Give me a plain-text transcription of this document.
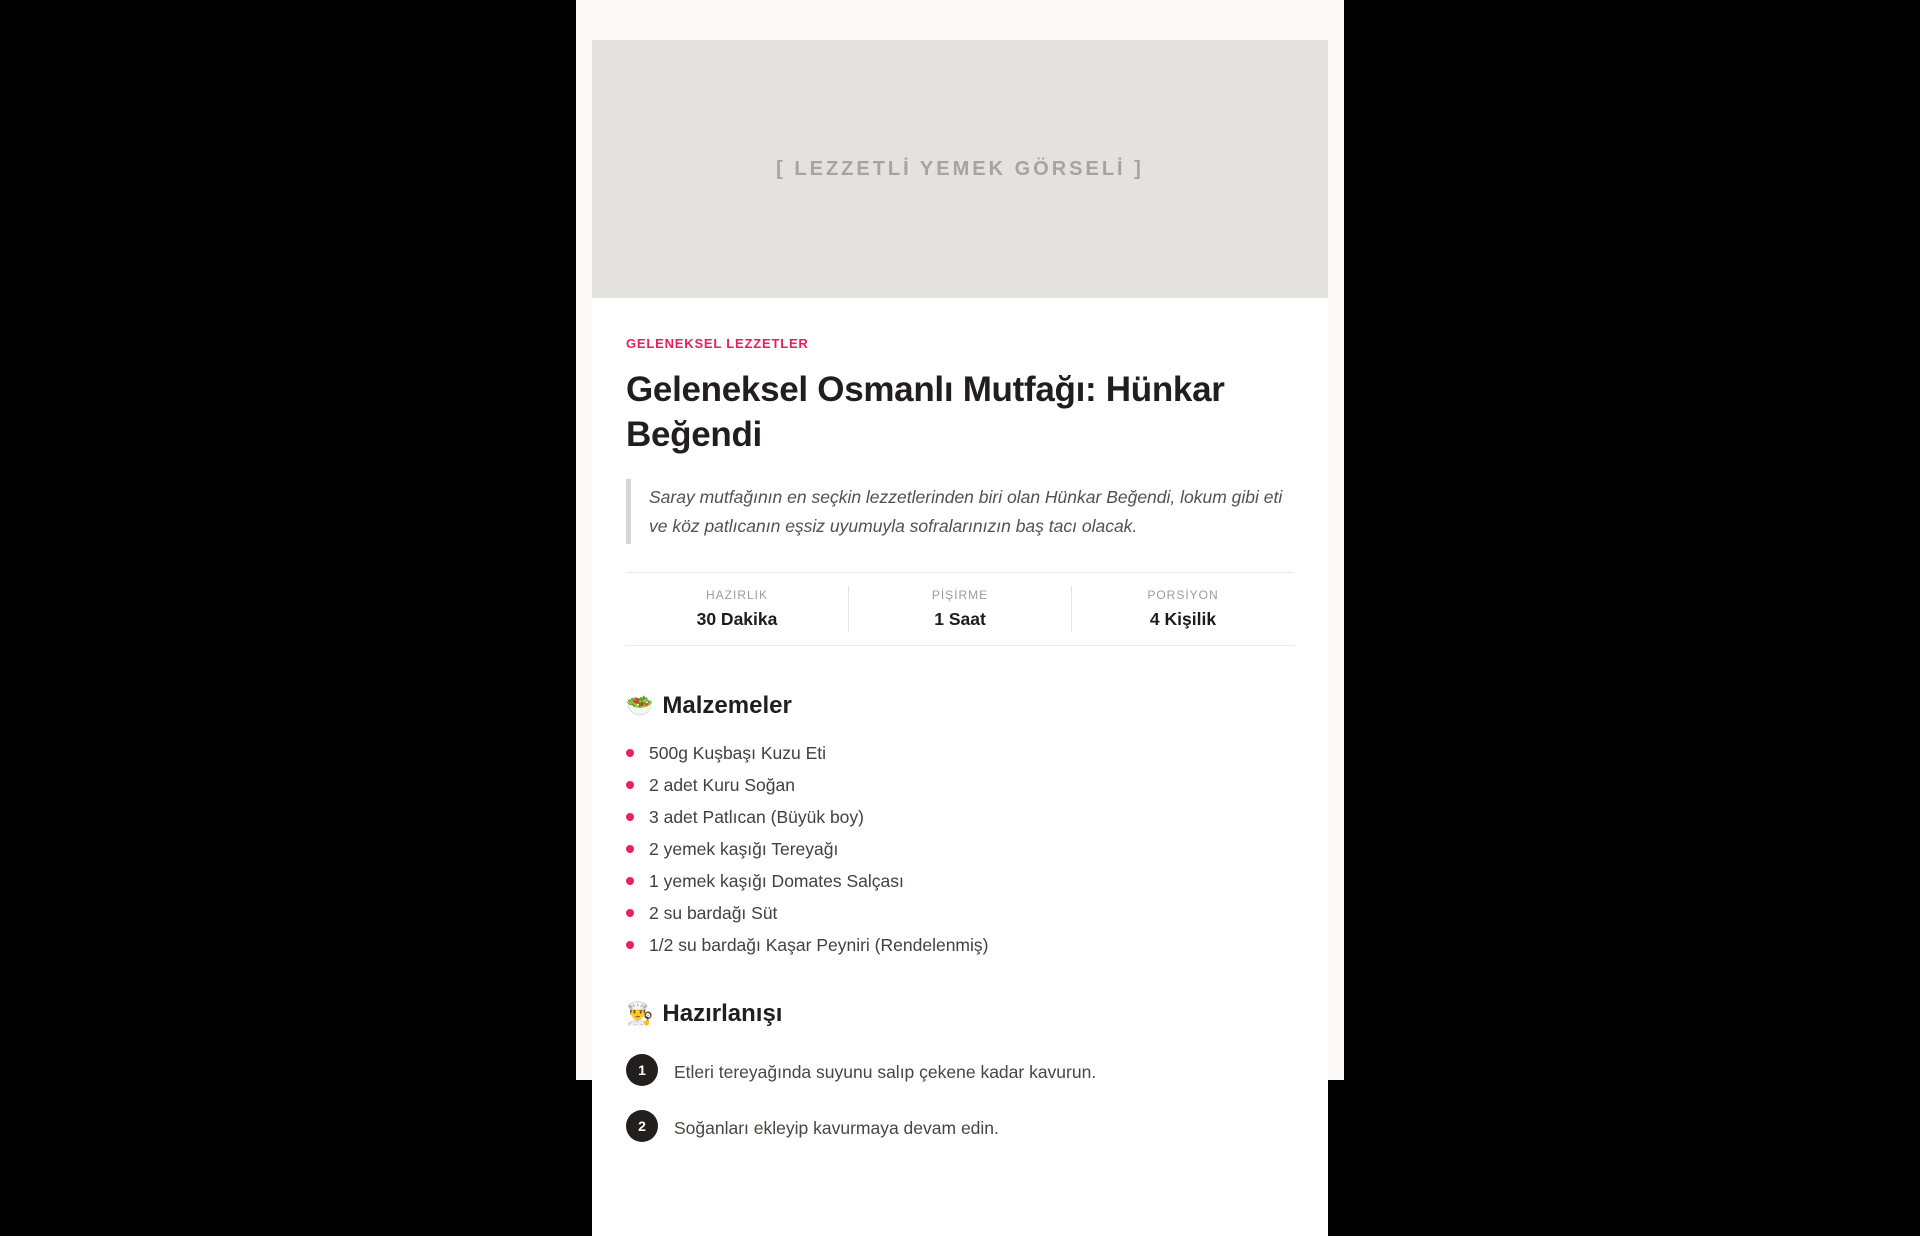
[ LEZZETLİ YEMEK GÖRSELİ ]
GELENEKSEL LEZZETLER
Geleneksel Osmanlı Mutfağı: Hünkar Beğendi
Saray mutfağının en seçkin lezzetlerinden biri olan Hünkar Beğendi, lokum gibi eti ve köz patlıcanın eşsiz uyumuyla sofralarınızın baş tacı olacak.
HAZIRLIK
30 Dakika
PİŞİRME
1 Saat
PORSİYON
4 Kişilik
🥗 Malzemeler
500g Kuşbaşı Kuzu Eti
2 adet Kuru Soğan
3 adet Patlıcan (Büyük boy)
2 yemek kaşığı Tereyağı
1 yemek kaşığı Domates Salçası
2 su bardağı Süt
1/2 su bardağı Kaşar Peyniri (Rendelenmiş)
👨‍🍳 Hazırlanışı
1	Etleri tereyağında suyunu salıp çekene kadar kavurun.
2	Soğanları ekleyip kavurmaya devam edin.
